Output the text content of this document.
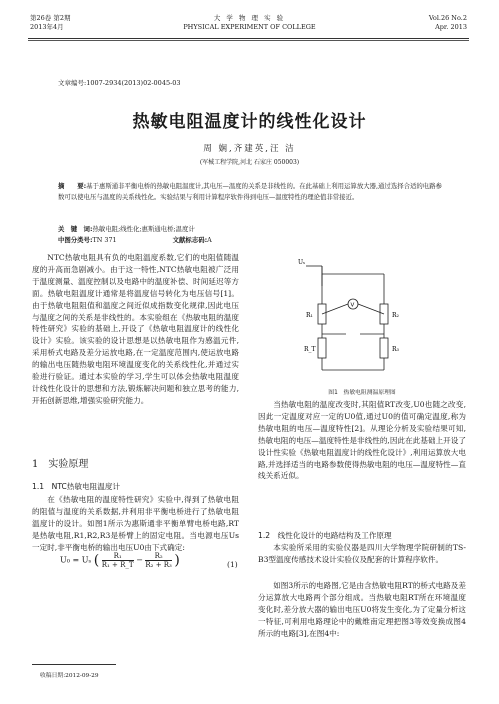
第26卷 第2期
2013年4月
大 学 物 理 实 验
PHYSICAL EXPERIMENT OF COLLEGE
Vol.26 No.2
Apr. 2013
文章编号:1007-2934(2013)02-0045-03
热敏电阻温度计的线性化设计
周 娴,齐建英,汪 洁
(军械工程学院,河北 石家庄 050003)
摘　　要:基于惠斯通非平衡电桥的热敏电阻温度计,其电压—温度的关系是非线性的。在此基础上利用运算放大器,通过选择合适的电路参数可以使电压与温度的关系线性化。实验结果与利用计算程序软件得到电压—温度特性的理论值非常接近。
关　键　词:热敏电阻;线性化;惠斯通电桥;温度计
中图分类号:TN 371	文献标志码:A
NTC热敏电阻具有负的电阻温度系数,它们的电阻值随温度的升高而急剧减小。由于这一特性,NTC热敏电阻被广泛用于温度测量、温度控制以及电路中的温度补偿、时间延迟等方面。热敏电阻温度计通常是将温度信号转化为电压信号[1]。由于热敏电阻阻值和温度之间近似成指数变化规律,因此电压与温度之间的关系是非线性的。本实验组在《热敏电阻的温度特性研究》实验的基础上,开设了《热敏电阻温度计的线性化设计》实验。该实验的设计思想是以热敏电阻作为感温元件,采用桥式电路及差分运放电路,在一定温度范围内,使运放电路的输出电压随热敏电阻环境温度变化的关系线性化,并通过实验进行验证。通过本实验的学习,学生可以体会热敏电阻温度计线性化设计的思想和方法,锻炼解决问题和独立思考的能力,开拓创新思维,增强实验研究能力。
1　实验原理
1.1　NTC热敏电阻温度计
在《热敏电阻的温度特性研究》实验中,得到了热敏电阻的阻值与温度的关系数据,并利用非平衡电桥进行了热敏电阻温度计的设计。如图1所示为惠斯通非平衡单臂电桥电路,RT是热敏电阻,R1,R2,R3是桥臂上的固定电阻。当电源电压Us一定时,非平衡电桥的输出电压U0由下式确定:
U₀ = Uₛ ( $\frac{\text{R₁}}{\text{R₁ + R\_T}} - \frac{\text{R₂}}{\text{R₂ + R₃}}$ )	(1)
收稿日期:2012-09-29
Uₛ
R₁	R₂
R_T	R₃
V
图1　热敏电阻测温原理图
当热敏电阻的温度改变时,其阻值RT改变,U0也随之改变,因此一定温度对应一定的U0值,通过U0的值可确定温度,称为热敏电阻的电压—温度特性[2]。从理论分析及实验结果可知,热敏电阻的电压—温度特性是非线性的,因此在此基础上开设了设计性实验《热敏电阻温度计的线性化设计》,利用运算放大电路,并选择适当的电路参数使得热敏电阻的电压—温度特性—直线关系近似。
1.2　线性化设计的电路结构及工作原理
本实验所采用的实验仪器是四川大学物理学院研制的TS-B3型温度传感技术设计实验仪及配套的计算程序软件。
如图3所示的电路图,它是由含热敏电阻RT的桥式电路及差分运算放大电路两个部分组成。当热敏电阻RT所在环境温度变化时,差分放大器的输出电压U0将发生变化,为了定量分析这一特征,可利用电路理论中的戴维南定理把图3等效变换成图4所示的电路[3],在图4中:
